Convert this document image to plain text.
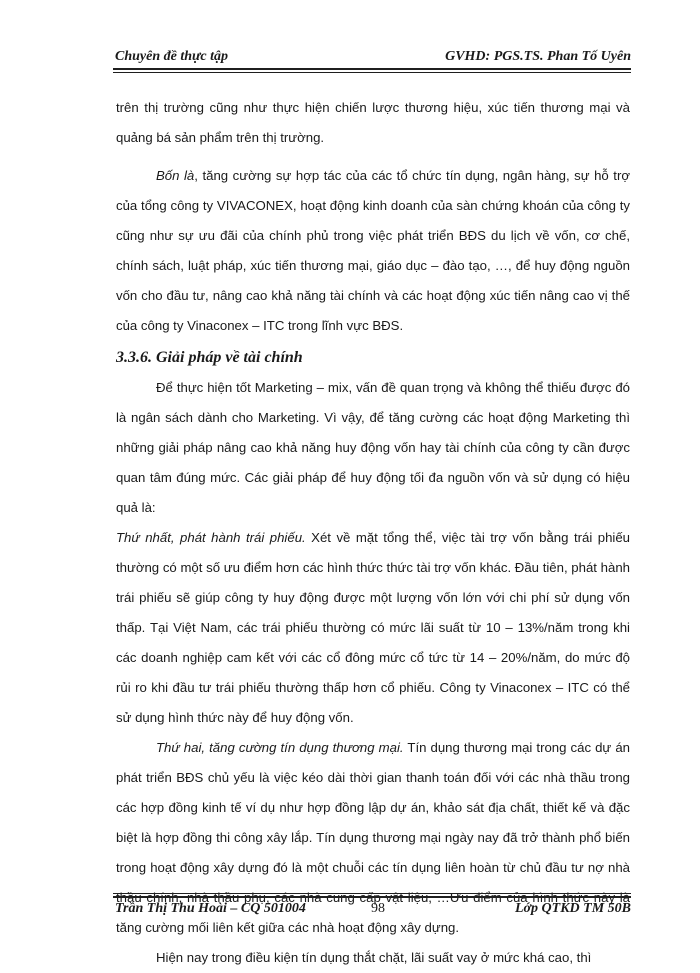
Chuyên đề thực tập	GVHD: PGS.TS. Phan Tố Uyên

trên thị trường cũng như thực hiện chiến lược thương hiệu, xúc tiến thương mại và quảng bá sản phẩm trên thị trường.

Bốn là, tăng cường sự hợp tác của các tổ chức tín dụng, ngân hàng, sự hỗ trợ của tổng công ty VIVACONEX, hoạt động kinh doanh của sàn chứng khoán của công ty cũng như sự ưu đãi của chính phủ trong việc phát triển BĐS du lịch về vốn, cơ chế, chính sách, luật pháp, xúc tiến thương mại, giáo dục – đào tạo, …, để huy động nguồn vốn cho đầu tư, nâng cao khả năng tài chính và các hoạt động xúc tiến nâng cao vị thế của công ty Vinaconex – ITC trong lĩnh vực BĐS.

3.3.6. Giải pháp về tài chính

Để thực hiện tốt Marketing – mix, vấn đề quan trọng và không thể thiếu được đó là ngân sách dành cho Marketing. Vì vậy, để tăng cường các hoạt động Marketing thì những giải pháp nâng cao khả năng huy động vốn hay tài chính của công ty cần được quan tâm đúng mức. Các giải pháp để huy động tối đa nguồn vốn và sử dụng có hiệu quả là:

Thứ nhất, phát hành trái phiếu. Xét về mặt tổng thể, việc tài trợ vốn bằng trái phiếu thường có một số ưu điểm hơn các hình thức thức tài trợ vốn khác. Đầu tiên, phát hành trái phiếu sẽ giúp công ty huy động được một lượng vốn lớn với chi phí sử dụng vốn thấp. Tại Việt Nam, các trái phiếu thường có mức lãi suất từ 10 – 13%/năm trong khi các doanh nghiệp cam kết với các cổ đông mức cổ tức từ 14 – 20%/năm, do mức độ rủi ro khi đầu tư trái phiếu thường thấp hơn cổ phiếu. Công ty Vinaconex – ITC có thể sử dụng hình thức này để huy động vốn.

Thứ hai, tăng cường tín dụng thương mại. Tín dụng thương mại trong các dự án phát triển BĐS chủ yếu là việc kéo dài thời gian thanh toán đối với các nhà thầu trong các hợp đồng kinh tế ví dụ như hợp đồng lập dự án, khảo sát địa chất, thiết kế và đặc biệt là hợp đồng thi công xây lắp. Tín dụng thương mại ngày nay đã trở thành phổ biến trong hoạt động xây dựng đó là một chuỗi các tín dụng liên hoàn từ chủ đầu tư nợ nhà thầu chính, nhà thầu phụ, các nhà cung cấp vật liệu, …Ưu điểm của hình thức này là tăng cường mối liên kết giữa các nhà hoạt động xây dựng.

Hiện nay trong điều kiện tín dụng thắt chặt, lãi suất vay ở mức khá cao, thì

Trần Thị Thu Hoài – CQ 501004	98	Lớp QTKD TM 50B
